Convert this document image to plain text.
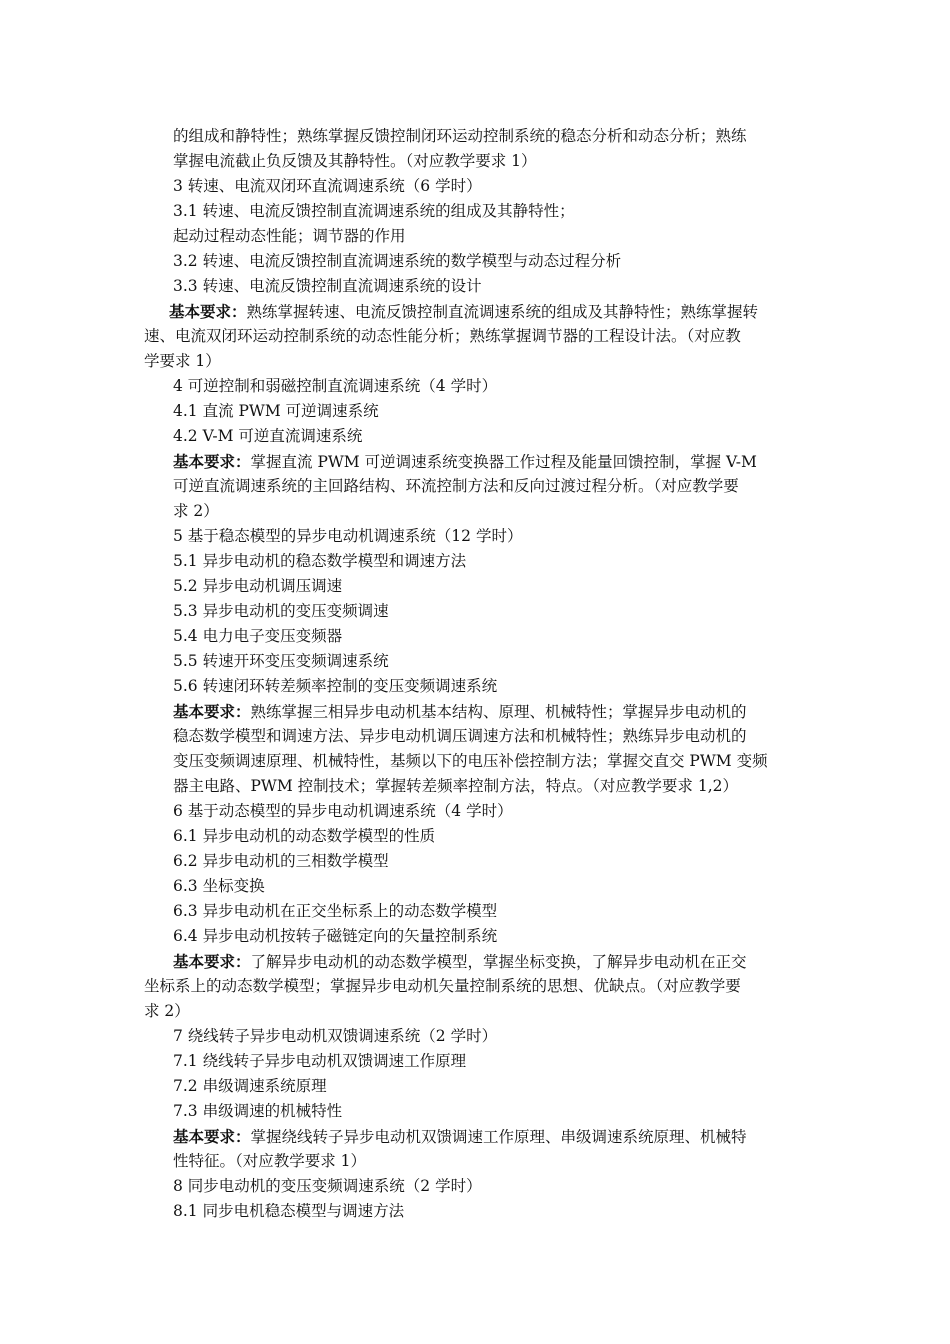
的组成和静特性；熟练掌握反馈控制闭环运动控制系统的稳态分析和动态分析；熟练
掌握电流截止负反馈及其静特性。（对应教学要求 1）
3 转速、电流双闭环直流调速系统（6 学时）
3.1 转速、电流反馈控制直流调速系统的组成及其静特性；
起动过程动态性能；调节器的作用
3.2 转速、电流反馈控制直流调速系统的数学模型与动态过程分析
3.3 转速、电流反馈控制直流调速系统的设计
基本要求：熟练掌握转速、电流反馈控制直流调速系统的组成及其静特性；熟练掌握转
速、电流双闭环运动控制系统的动态性能分析；熟练掌握调节器的工程设计法。（对应教
学要求 1）
4 可逆控制和弱磁控制直流调速系统（4 学时）
4.1 直流 PWM 可逆调速系统
4.2 V-M 可逆直流调速系统
基本要求：掌握直流 PWM 可逆调速系统变换器工作过程及能量回馈控制，掌握 V-M
可逆直流调速系统的主回路结构、环流控制方法和反向过渡过程分析。（对应教学要
求 2）
5 基于稳态模型的异步电动机调速系统（12 学时）
5.1 异步电动机的稳态数学模型和调速方法
5.2 异步电动机调压调速
5.3 异步电动机的变压变频调速
5.4 电力电子变压变频器
5.5 转速开环变压变频调速系统
5.6 转速闭环转差频率控制的变压变频调速系统
基本要求：熟练掌握三相异步电动机基本结构、原理、机械特性；掌握异步电动机的
稳态数学模型和调速方法、异步电动机调压调速方法和机械特性；熟练异步电动机的
变压变频调速原理、机械特性，基频以下的电压补偿控制方法；掌握交直交 PWM 变频
器主电路、PWM 控制技术；掌握转差频率控制方法，特点。（对应教学要求 1,2）
6 基于动态模型的异步电动机调速系统（4 学时）
6.1 异步电动机的动态数学模型的性质
6.2 异步电动机的三相数学模型
6.3 坐标变换
6.3 异步电动机在正交坐标系上的动态数学模型
6.4 异步电动机按转子磁链定向的矢量控制系统
基本要求：了解异步电动机的动态数学模型，掌握坐标变换，了解异步电动机在正交
坐标系上的动态数学模型；掌握异步电动机矢量控制系统的思想、优缺点。（对应教学要
求 2）
7 绕线转子异步电动机双馈调速系统（2 学时）
7.1 绕线转子异步电动机双馈调速工作原理
7.2 串级调速系统原理
7.3 串级调速的机械特性
基本要求：掌握绕线转子异步电动机双馈调速工作原理、串级调速系统原理、机械特
性特征。（对应教学要求 1）
8 同步电动机的变压变频调速系统（2 学时）
8.1 同步电机稳态模型与调速方法
